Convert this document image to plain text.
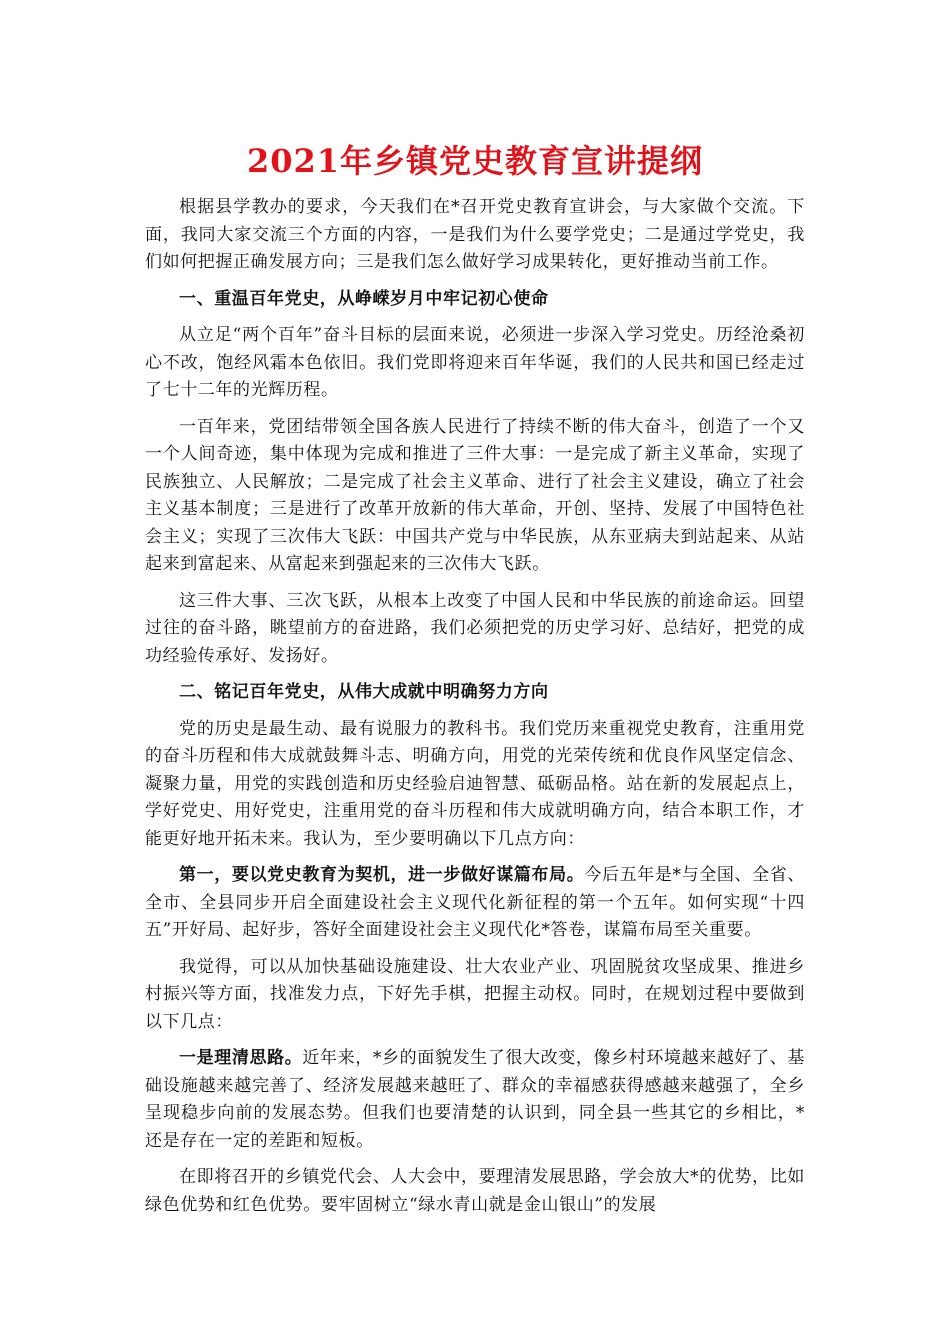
2021年乡镇党史教育宣讲提纲

根据县学教办的要求，今天我们在*召开党史教育宣讲会，与大家做个交流。下面，我同大家交流三个方面的内容，一是我们为什么要学党史；二是通过学党史，我们如何把握正确发展方向；三是我们怎么做好学习成果转化，更好推动当前工作。

一、重温百年党史，从峥嵘岁月中牢记初心使命

从立足“两个百年”奋斗目标的层面来说，必须进一步深入学习党史。历经沧桑初心不改，饱经风霜本色依旧。我们党即将迎来百年华诞，我们的人民共和国已经走过了七十二年的光辉历程。

一百年来，党团结带领全国各族人民进行了持续不断的伟大奋斗，创造了一个又一个人间奇迹，集中体现为完成和推进了三件大事：一是完成了新主义革命，实现了民族独立、人民解放；二是完成了社会主义革命、进行了社会主义建设，确立了社会主义基本制度；三是进行了改革开放新的伟大革命，开创、坚持、发展了中国特色社会主义；实现了三次伟大飞跃：中国共产党与中华民族，从东亚病夫到站起来、从站起来到富起来、从富起来到强起来的三次伟大飞跃。

这三件大事、三次飞跃，从根本上改变了中国人民和中华民族的前途命运。回望过往的奋斗路，眺望前方的奋进路，我们必须把党的历史学习好、总结好，把党的成功经验传承好、发扬好。

二、铭记百年党史，从伟大成就中明确努力方向

党的历史是最生动、最有说服力的教科书。我们党历来重视党史教育，注重用党的奋斗历程和伟大成就鼓舞斗志、明确方向，用党的光荣传统和优良作风坚定信念、凝聚力量，用党的实践创造和历史经验启迪智慧、砥砺品格。站在新的发展起点上，学好党史、用好党史，注重用党的奋斗历程和伟大成就明确方向，结合本职工作，才能更好地开拓未来。我认为，至少要明确以下几点方向：

第一，要以党史教育为契机，进一步做好谋篇布局。今后五年是*与全国、全省、全市、全县同步开启全面建设社会主义现代化新征程的第一个五年。如何实现“十四五”开好局、起好步，答好全面建设社会主义现代化*答卷，谋篇布局至关重要。

我觉得，可以从加快基础设施建设、壮大农业产业、巩固脱贫攻坚成果、推进乡村振兴等方面，找准发力点，下好先手棋，把握主动权。同时，在规划过程中要做到以下几点：

一是理清思路。近年来，*乡的面貌发生了很大改变，像乡村环境越来越好了、基础设施越来越完善了、经济发展越来越旺了、群众的幸福感获得感越来越强了，全乡呈现稳步向前的发展态势。但我们也要清楚的认识到，同全县一些其它的乡相比，*还是存在一定的差距和短板。

在即将召开的乡镇党代会、人大会中，要理清发展思路，学会放大*的优势，比如绿色优势和红色优势。要牢固树立“绿水青山就是金山银山”的发展
